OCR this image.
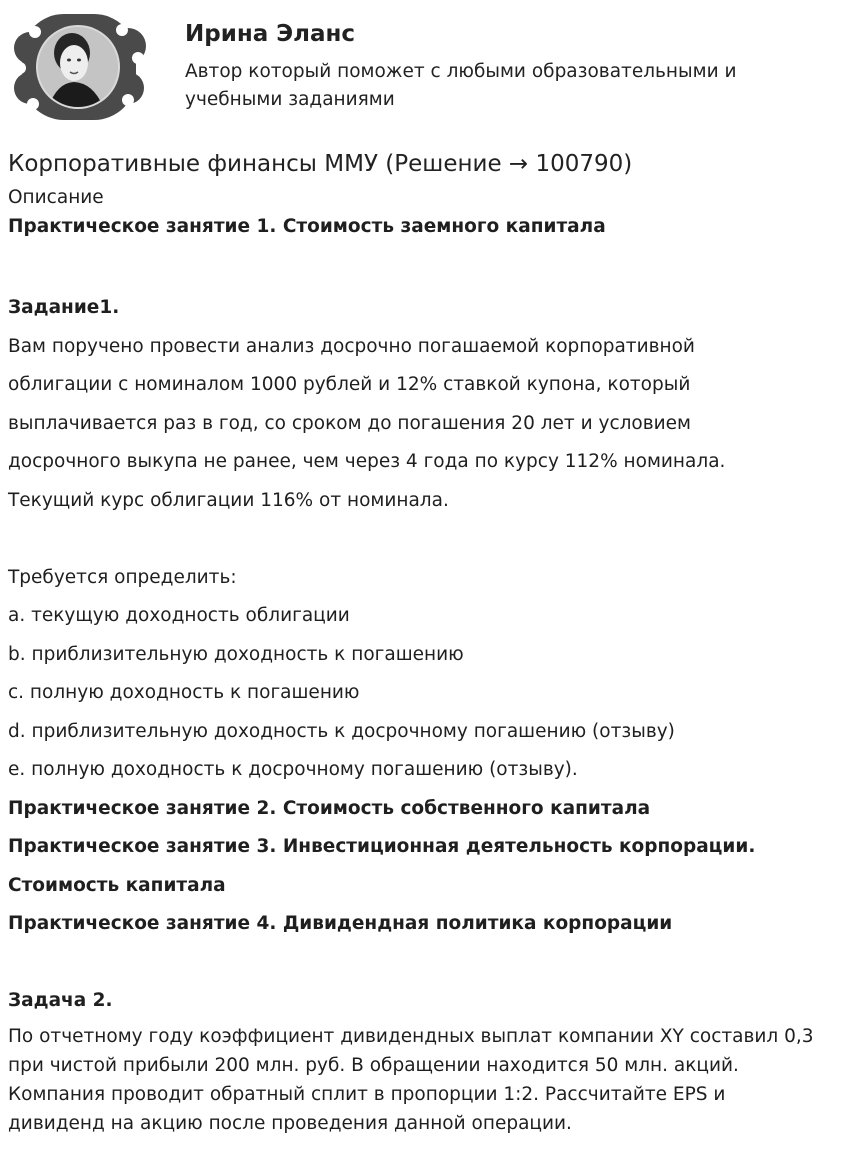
Ирина Эланс
Автор который поможет с любыми образовательными и учебными заданиями
Корпоративные финансы ММУ (Решение → 100790)
Описание

Практическое занятие 1. Стоимость заемного капитала

Задание1.

Вам поручено провести анализ досрочно погашаемой корпоративной

облигации с номиналом 1000 рублей и 12% ставкой купона, который

выплачивается раз в год, со сроком до погашения 20 лет и условием

досрочного выкупа не ранее, чем через 4 года по курсу 112% номинала.

Текущий курс облигации 116% от номинала.

Требуется определить:

a. текущую доходность облигации

b. приблизительную доходность к погашению

c. полную доходность к погашению

d. приблизительную доходность к досрочному погашению (отзыву)

e. полную доходность к досрочному погашению (отзыву).

Практическое занятие 2. Стоимость собственного капитала

Практическое занятие 3. Инвестиционная деятельность корпорации.

Стоимость капитала

Практическое занятие 4. Дивидендная политика корпорации

Задача 2.

По отчетному году коэффициент дивидендных выплат компании XY составил 0,3

при чистой прибыли 200 млн. руб. В обращении находится 50 млн. акций.

Компания проводит обратный сплит в пропорции 1:2. Рассчитайте EPS и

дивиденд на акцию после проведения данной операции.
